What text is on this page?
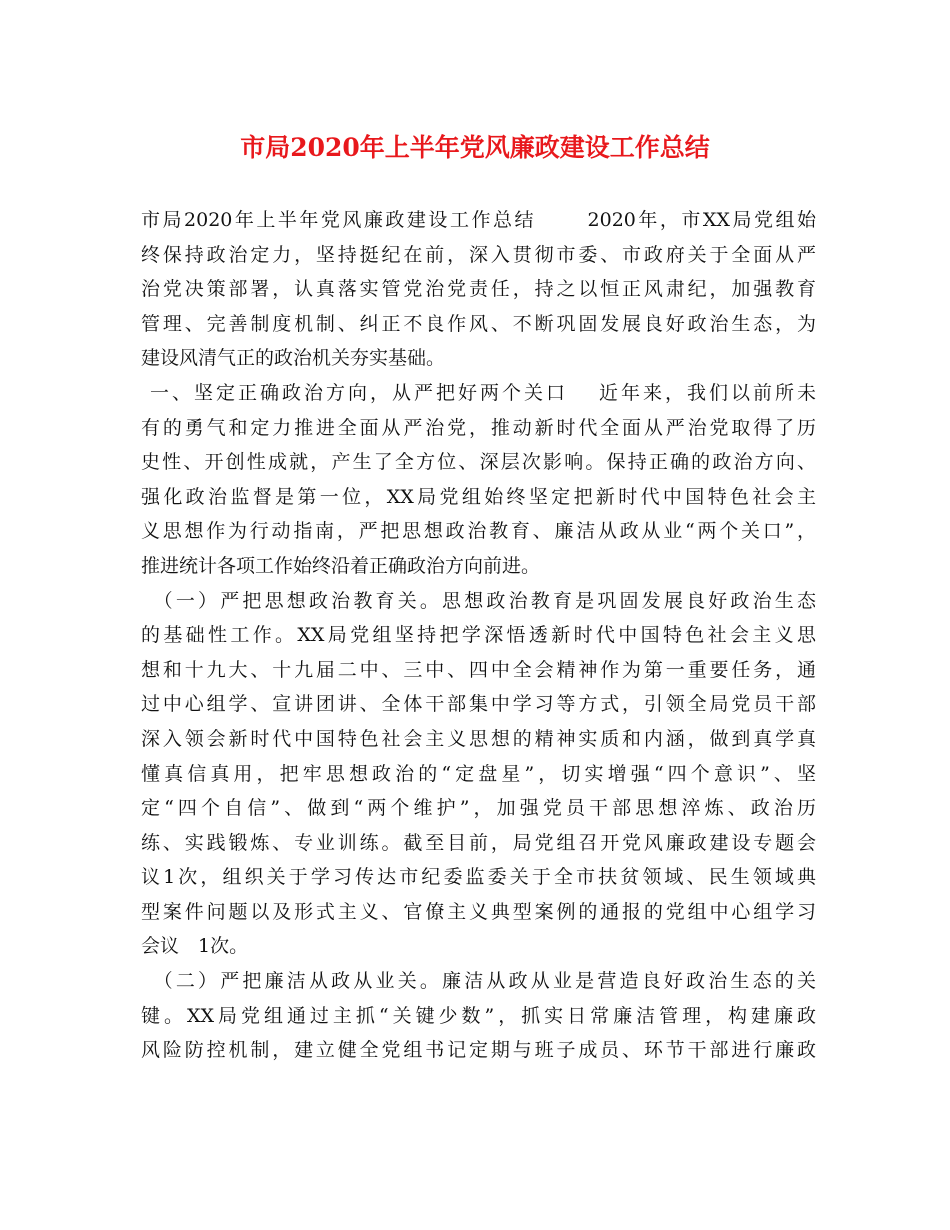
市局2020年上半年党风廉政建设工作总结
市局2020年上半年党风廉政建设工作总结　　 2020年，市XX局党组始
终保持政治定力，坚持挺纪在前，深入贯彻市委、市政府关于全面从严
治党决策部署，认真落实管党治党责任，持之以恒正风肃纪，加强教育
管理、完善制度机制、纠正不良作风、不断巩固发展良好政治生态，为
建设风清气正的政治机关夯实基础。
一、坚定正确政治方向，从严把好两个关口　 近年来，我们以前所未
有的勇气和定力推进全面从严治党，推动新时代全面从严治党取得了历
史性、开创性成就，产生了全方位、深层次影响。保持正确的政治方向、
强化政治监督是第一位，XX局党组始终坚定把新时代中国特色社会主
义思想作为行动指南，严把思想政治教育、廉洁从政从业“两个关口”，
推进统计各项工作始终沿着正确政治方向前进。
　（一）严把思想政治教育关。思想政治教育是巩固发展良好政治生态
的基础性工作。XX局党组坚持把学深悟透新时代中国特色社会主义思
想和十九大、十九届二中、三中、四中全会精神作为第一重要任务，通
过中心组学、宣讲团讲、全体干部集中学习等方式，引领全局党员干部
深入领会新时代中国特色社会主义思想的精神实质和内涵，做到真学真
懂真信真用，把牢思想政治的“定盘星”，切实增强“四个意识”、坚
定“四个自信”、做到“两个维护”，加强党员干部思想淬炼、政治历
练、实践锻炼、专业训练。截至目前，局党组召开党风廉政建设专题会
议1次，组织关于学习传达市纪委监委关于全市扶贫领域、民生领域典
型案件问题以及形式主义、官僚主义典型案例的通报的党组中心组学习
会议　1次。
　（二）严把廉洁从政从业关。廉洁从政从业是营造良好政治生态的关
键。XX局党组通过主抓“关键少数”，抓实日常廉洁管理，构建廉政
风险防控机制，建立健全党组书记定期与班子成员、环节干部进行廉政
